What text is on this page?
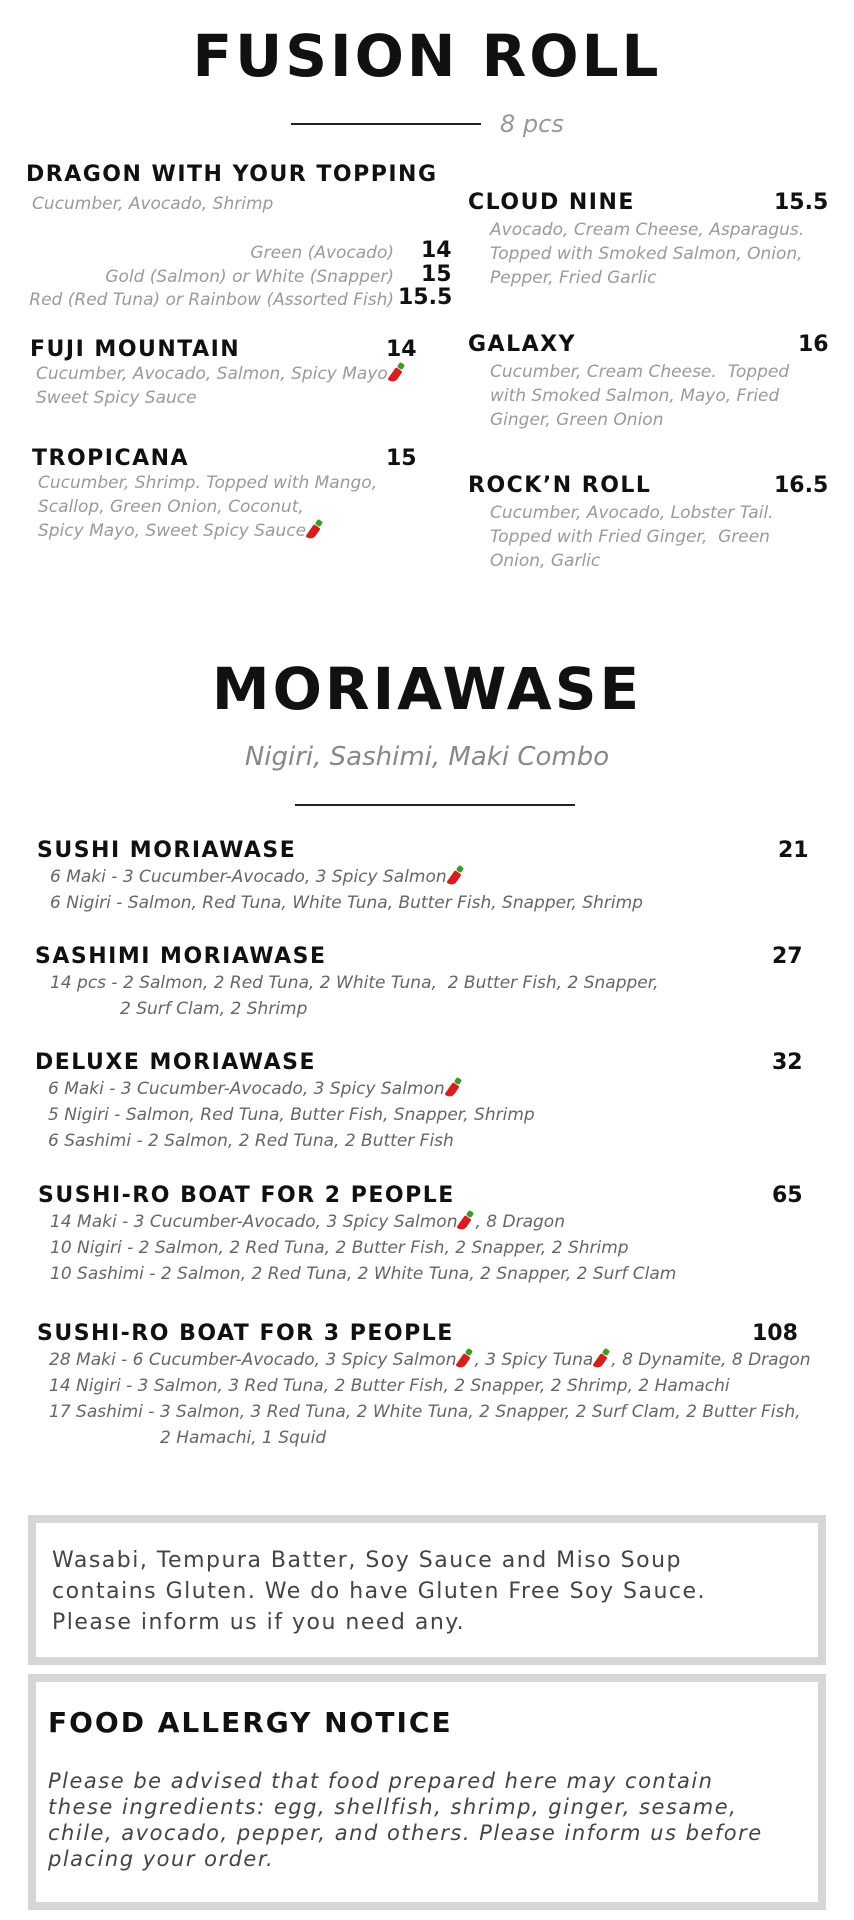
FUSION ROLL
8 pcs
DRAGON WITH YOUR TOPPING
Cucumber, Avocado, Shrimp
Green (Avocado) 14
Gold (Salmon) or White (Snapper) 15
Red (Red Tuna) or Rainbow (Assorted Fish) 15.5
FUJI MOUNTAIN	14
Cucumber, Avocado, Salmon, Spicy Mayo
Sweet Spicy Sauce
TROPICANA	15
Cucumber, Shrimp. Topped with Mango,
Scallop, Green Onion, Coconut,
Spicy Mayo, Sweet Spicy Sauce
CLOUD NINE	15.5
Avocado, Cream Cheese, Asparagus.
Topped with Smoked Salmon, Onion,
Pepper, Fried Garlic
GALAXY	16
Cucumber, Cream Cheese.  Topped
with Smoked Salmon, Mayo, Fried
Ginger, Green Onion
ROCK’N ROLL	16.5
Cucumber, Avocado, Lobster Tail.
Topped with Fried Ginger,  Green
Onion, Garlic
MORIAWASE
Nigiri, Sashimi, Maki Combo
SUSHI MORIAWASE	21
6 Maki - 3 Cucumber-Avocado, 3 Spicy Salmon
6 Nigiri - Salmon, Red Tuna, White Tuna, Butter Fish, Snapper, Shrimp
SASHIMI MORIAWASE	27
14 pcs - 2 Salmon, 2 Red Tuna, 2 White Tuna,  2 Butter Fish, 2 Snapper,
2 Surf Clam, 2 Shrimp
DELUXE MORIAWASE	32
6 Maki - 3 Cucumber-Avocado, 3 Spicy Salmon
5 Nigiri - Salmon, Red Tuna, Butter Fish, Snapper, Shrimp
6 Sashimi - 2 Salmon, 2 Red Tuna, 2 Butter Fish
SUSHI-RO BOAT FOR 2 PEOPLE	65
14 Maki - 3 Cucumber-Avocado, 3 Spicy Salmon , 8 Dragon
10 Nigiri - 2 Salmon, 2 Red Tuna, 2 Butter Fish, 2 Snapper, 2 Shrimp
10 Sashimi - 2 Salmon, 2 Red Tuna, 2 White Tuna, 2 Snapper, 2 Surf Clam
SUSHI-RO BOAT FOR 3 PEOPLE	108
28 Maki - 6 Cucumber-Avocado, 3 Spicy Salmon , 3 Spicy Tuna , 8 Dynamite, 8 Dragon
14 Nigiri - 3 Salmon, 3 Red Tuna, 2 Butter Fish, 2 Snapper, 2 Shrimp, 2 Hamachi
17 Sashimi - 3 Salmon, 3 Red Tuna, 2 White Tuna, 2 Snapper, 2 Surf Clam, 2 Butter Fish,
2 Hamachi, 1 Squid
Wasabi, Tempura Batter, Soy Sauce and Miso Soup
contains Gluten. We do have Gluten Free Soy Sauce.
Please inform us if you need any.
FOOD ALLERGY NOTICE
Please be advised that food prepared here may contain
these ingredients: egg, shellfish, shrimp, ginger, sesame,
chile, avocado, pepper, and others. Please inform us before
placing your order.
